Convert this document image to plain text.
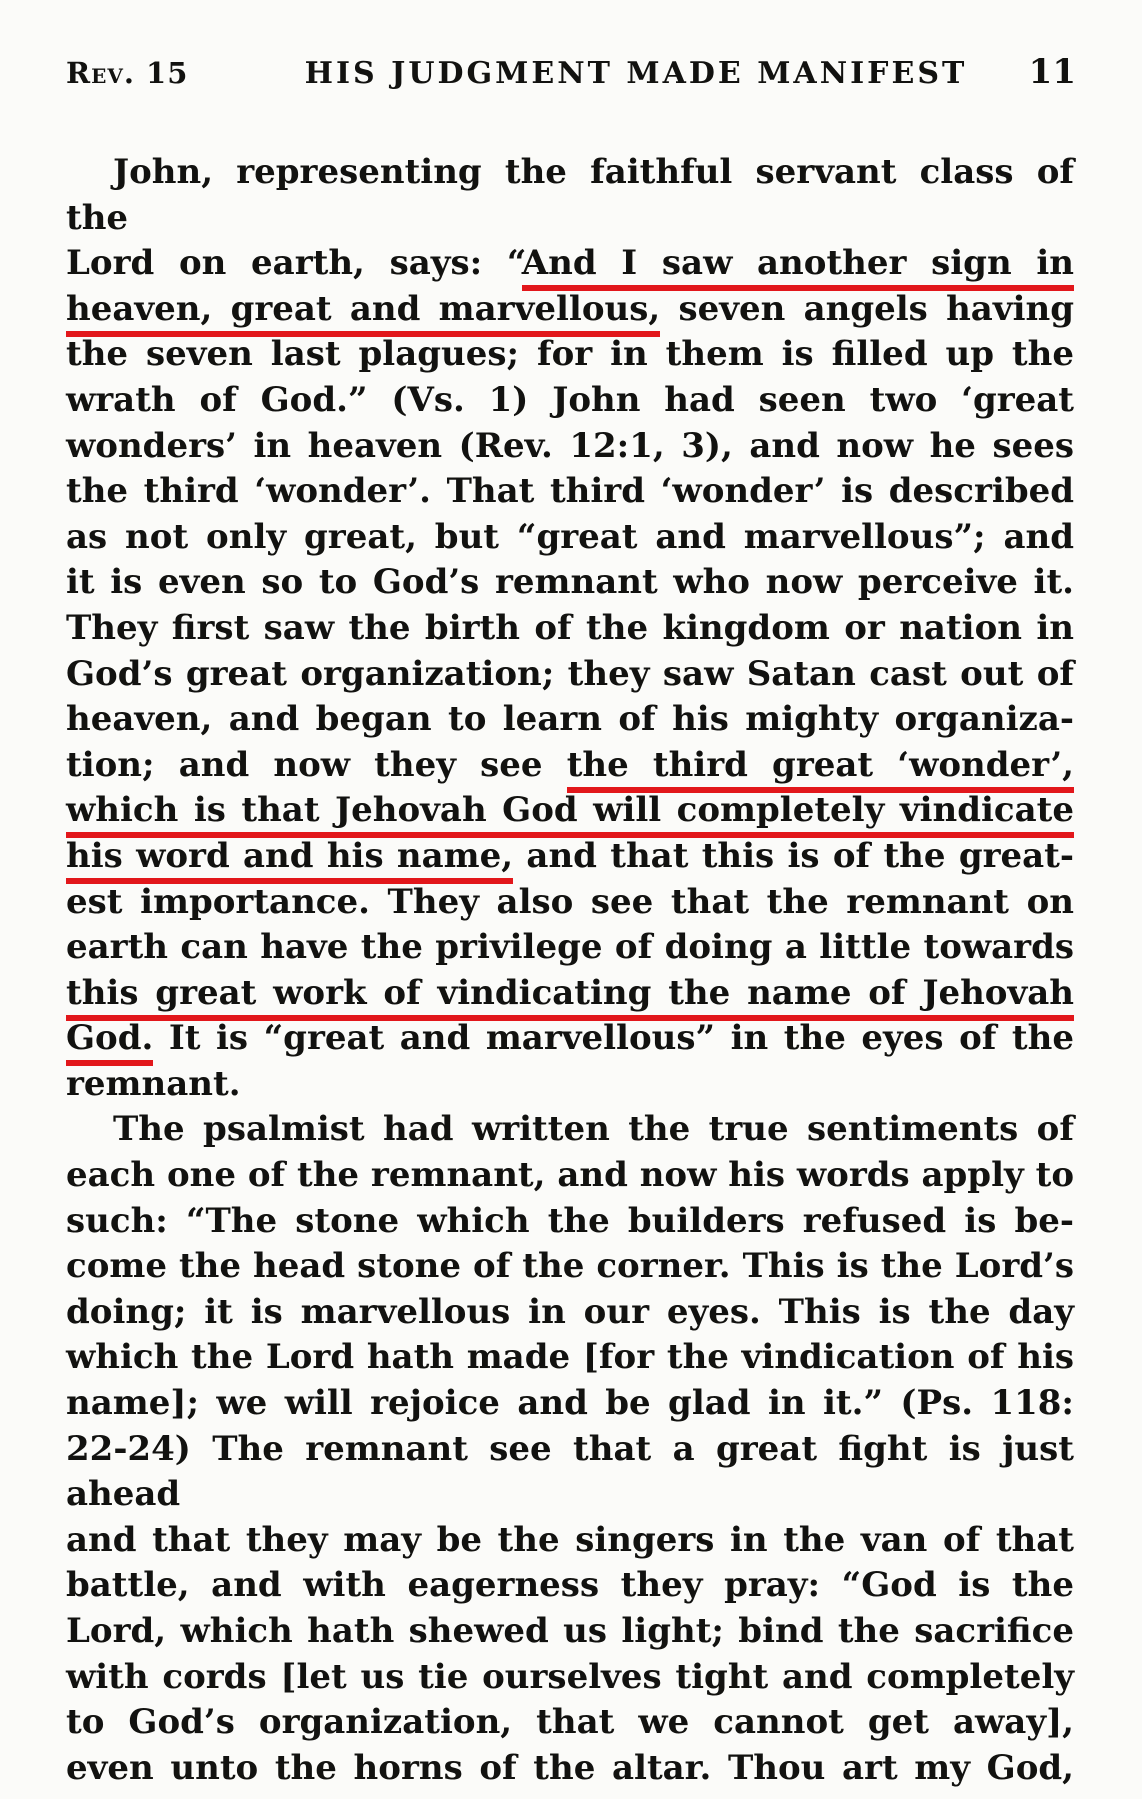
Rev. 15	HIS JUDGMENT MADE MANIFEST	11
John, representing the faithful servant class of the
Lord on earth, says: “And I saw another sign in
heaven, great and marvellous, seven angels having
the seven last plagues; for in them is filled up the
wrath of God.” (Vs. 1) John had seen two ‘great
wonders’ in heaven (Rev. 12:1, 3), and now he sees
the third ‘wonder’. That third ‘wonder’ is described
as not only great, but “great and marvellous”; and
it is even so to God’s remnant who now perceive it.
They first saw the birth of the kingdom or nation in
God’s great organization; they saw Satan cast out of
heaven, and began to learn of his mighty organiza-
tion; and now they see the third great ‘wonder’,
which is that Jehovah God will completely vindicate
his word and his name, and that this is of the great-
est importance. They also see that the remnant on
earth can have the privilege of doing a little towards
this great work of vindicating the name of Jehovah
God. It is “great and marvellous” in the eyes of the
remnant.
The psalmist had written the true sentiments of
each one of the remnant, and now his words apply to
such: “The stone which the builders refused is be-
come the head stone of the corner. This is the Lord’s
doing; it is marvellous in our eyes. This is the day
which the Lord hath made [for the vindication of his
name]; we will rejoice and be glad in it.” (Ps. 118:
22-24) The remnant see that a great fight is just ahead
and that they may be the singers in the van of that
battle, and with eagerness they pray: “God is the
Lord, which hath shewed us light; bind the sacrifice
with cords [let us tie ourselves tight and completely
to God’s organization, that we cannot get away],
even unto the horns of the altar. Thou art my God,
